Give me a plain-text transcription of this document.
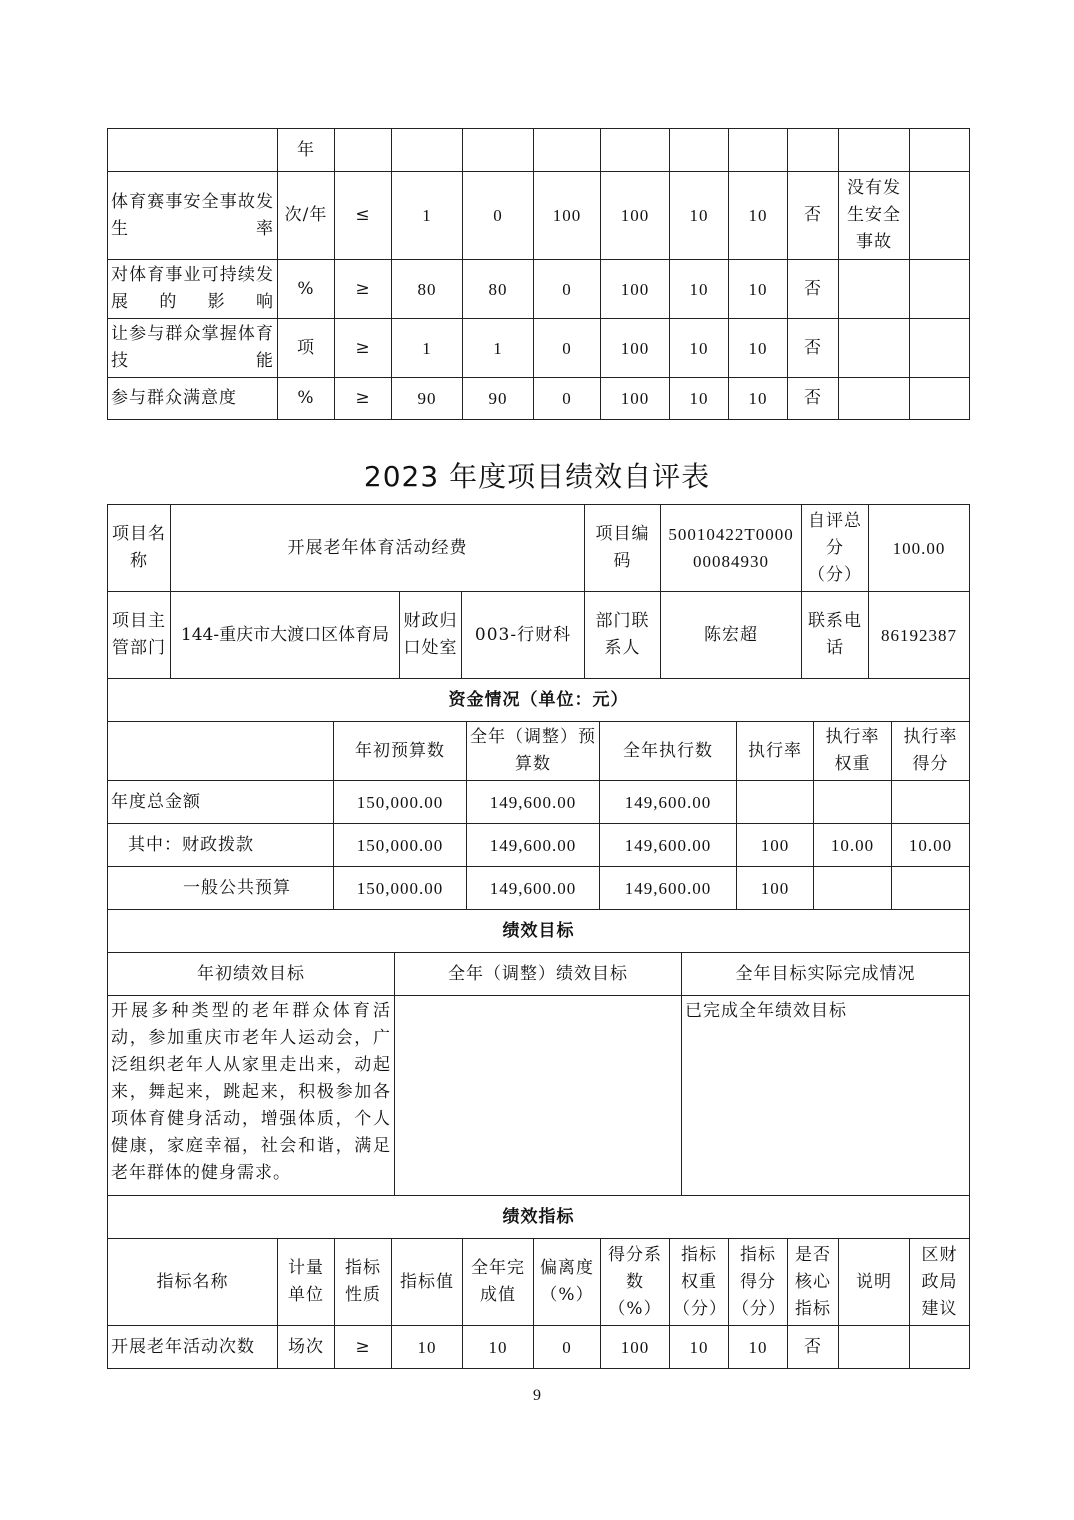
	年										
体育赛事安全事故发生率	次/年	≤	1	0	100	100	10	10	否	没有发生安全事故	
对体育事业可持续发展的影响	%	≥	80	80	0	100	10	10	否		
让参与群众掌握体育技能	项	≥	1	1	0	100	10	10	否		
参与群众满意度	%	≥	90	90	0	100	10	10	否		
2023 年度项目绩效自评表
项目名称	开展老年体育活动经费			项目编码	50010422T000000084930	自评总分（分）	100.00
项目主管部门	144-重庆市大渡口区体育局	财政归口处室	003-行财科	部门联系人	陈宏超	联系电话	86192387
资金情况（单位：元）						
	年初预算数	全年（调整）预算数	全年执行数	执行率	执行率权重	执行率得分
年度总金额	150,000.00	149,600.00	149,600.00			
其中：财政拨款	150,000.00	149,600.00	149,600.00	100	10.00	10.00
一般公共预算	150,000.00	149,600.00	149,600.00	100		
绩效目标		
年初绩效目标	全年（调整）绩效目标	全年目标实际完成情况
开展多种类型的老年群众体育活动，参加重庆市老年人运动会，广泛组织老年人从家里走出来，动起来，舞起来，跳起来，积极参加各项体育健身活动，增强体质，个人健康，家庭幸福，社会和谐，满足老年群体的健身需求。		已完成全年绩效目标
绩效指标											
指标名称	计量单位	指标性质	指标值	全年完成值	偏离度（%）	得分系数（%）	指标权重（分）	指标得分（分）	是否核心指标	说明	区财政局建议
开展老年活动次数	场次	≥	10	10	0	100	10	10	否		
9
